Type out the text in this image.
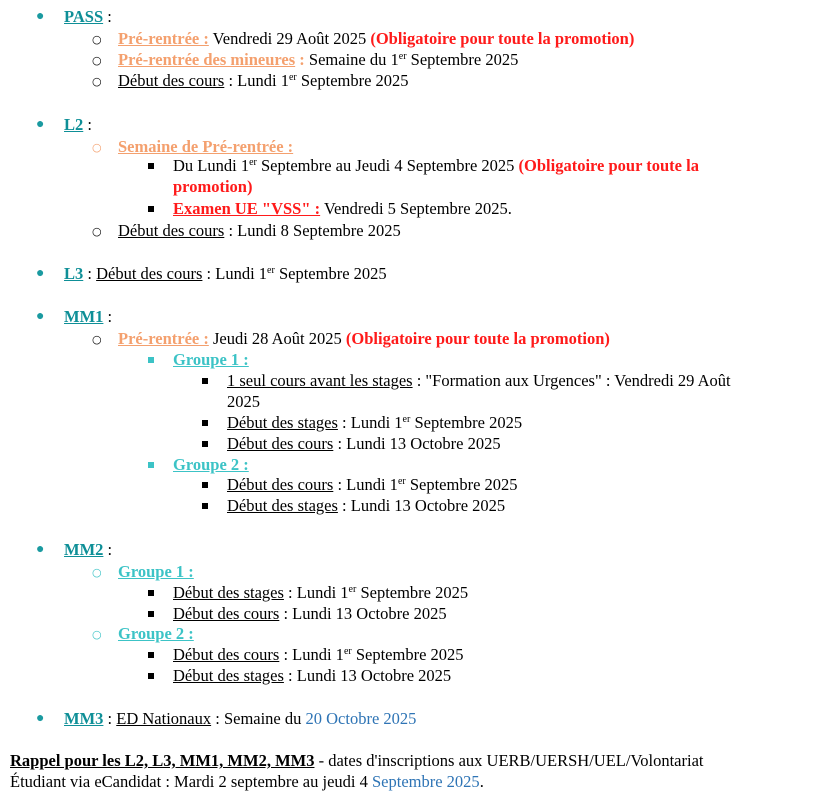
● PASS :
○ Pré-rentrée : Vendredi 29 Août 2025 (Obligatoire pour toute la promotion)
○ Pré-rentrée des mineures : Semaine du 1er Septembre 2025
○ Début des cours : Lundi 1er Septembre 2025
● L2 :
○ Semaine de Pré-rentrée :
Du Lundi 1er Septembre au Jeudi 4 Septembre 2025 (Obligatoire pour toute la
promotion)
Examen UE "VSS" : Vendredi 5 Septembre 2025.
○ Début des cours : Lundi 8 Septembre 2025
● L3 : Début des cours : Lundi 1er Septembre 2025
● MM1 :
○ Pré-rentrée : Jeudi 28 Août 2025 (Obligatoire pour toute la promotion)
Groupe 1 :
1 seul cours avant les stages : "Formation aux Urgences" : Vendredi 29 Août
2025
Début des stages : Lundi 1er Septembre 2025
Début des cours : Lundi 13 Octobre 2025
Groupe 2 :
Début des cours : Lundi 1er Septembre 2025
Début des stages : Lundi 13 Octobre 2025
● MM2 :
○ Groupe 1 :
Début des stages : Lundi 1er Septembre 2025
Début des cours : Lundi 13 Octobre 2025
○ Groupe 2 :
Début des cours : Lundi 1er Septembre 2025
Début des stages : Lundi 13 Octobre 2025
● MM3 : ED Nationaux : Semaine du 20 Octobre 2025
Rappel pour les L2, L3, MM1, MM2, MM3 - dates d'inscriptions aux UERB/UERSH/UEL/Volontariat
Étudiant via eCandidat : Mardi 2 septembre au jeudi 4 Septembre 2025.
